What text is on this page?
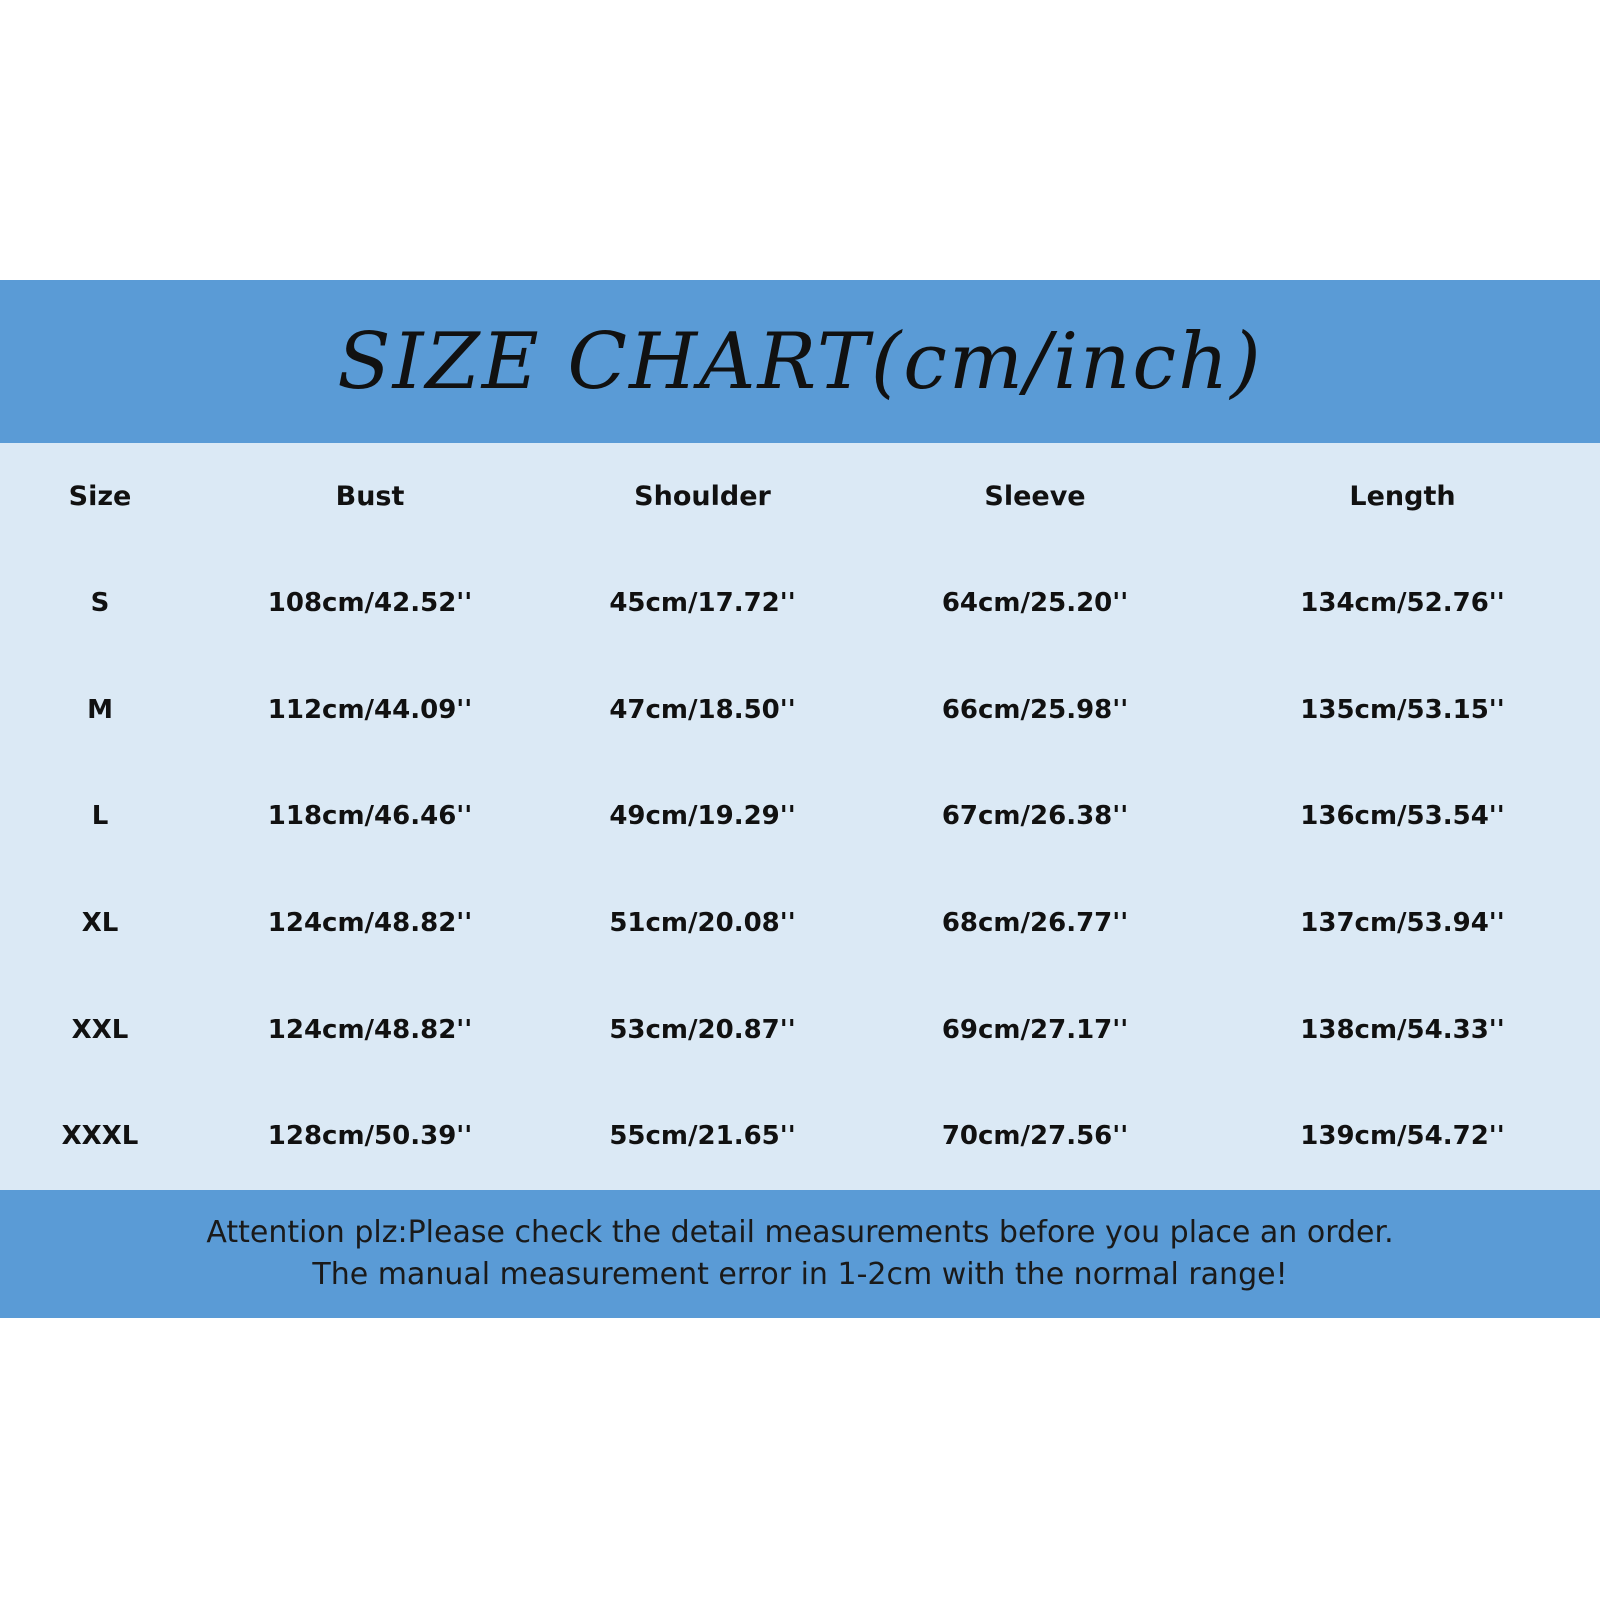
SIZE CHART(cm/inch)
Size	Bust	Shoulder	Sleeve	Length
S	108cm/42.52''	45cm/17.72''	64cm/25.20''	134cm/52.76''
M	112cm/44.09''	47cm/18.50''	66cm/25.98''	135cm/53.15''
L	118cm/46.46''	49cm/19.29''	67cm/26.38''	136cm/53.54''
XL	124cm/48.82''	51cm/20.08''	68cm/26.77''	137cm/53.94''
XXL	124cm/48.82''	53cm/20.87''	69cm/27.17''	138cm/54.33''
XXXL	128cm/50.39''	55cm/21.65''	70cm/27.56''	139cm/54.72''
Attention plz:Please check the detail measurements before you place an order.
The manual measurement error in 1-2cm with the normal range!
